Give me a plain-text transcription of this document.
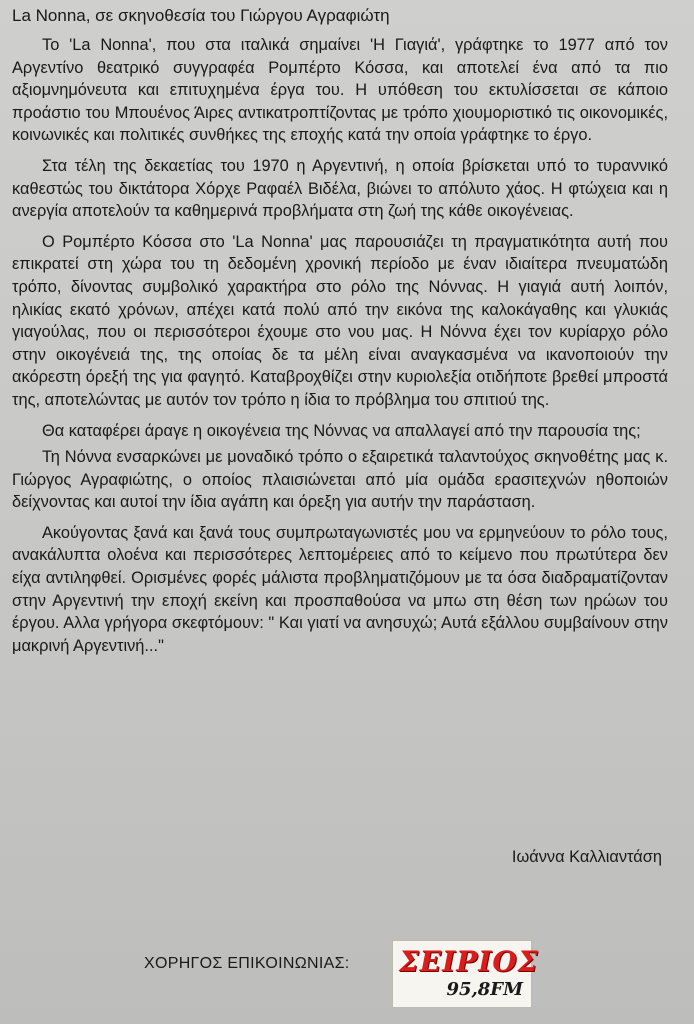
La Nonna, σε σκηνοθεσία του Γιώργου Αγραφιώτη

Το 'La Nonna', που στα ιταλικά σημαίνει 'Η Γιαγιά', γράφτηκε το 1977 από τον Αργεντίνο θεατρικό συγγραφέα Ρομπέρτο Κόσσα, και αποτελεί ένα από τα πιο αξιομνημόνευτα και επιτυχημένα έργα του. Η υπόθεση του εκτυλίσσεται σε κάποιο προάστιο του Μπουένος Άιρες αντικατροπτίζοντας με τρόπο χιουμοριστικό τις οικονομικές, κοινωνικές και πολιτικές συνθήκες της εποχής κατά την οποία γράφτηκε το έργο.

Στα τέλη της δεκαετίας του 1970 η Αργεντινή, η οποία βρίσκεται υπό το τυραννικό καθεστώς του δικτάτορα Χόρχε Ραφαέλ Βιδέλα, βιώνει το απόλυτο χάος. Η φτώχεια και η ανεργία αποτελούν τα καθημερινά προβλήματα στη ζωή της κάθε οικογένειας.

Ο Ρομπέρτο Κόσσα στο 'La Nonna' μας παρουσιάζει τη πραγματικότητα αυτή που επικρατεί στη χώρα του τη δεδομένη χρονική περίοδο με έναν ιδιαίτερα πνευματώδη τρόπο, δίνοντας συμβολικό χαρακτήρα στο ρόλο της Νόννας. Η γιαγιά αυτή λοιπόν, ηλικίας εκατό χρόνων, απέχει κατά πολύ από την εικόνα της καλοκάγαθης και γλυκιάς γιαγούλας, που οι περισσότεροι έχουμε στο νου μας. Η Νόννα έχει τον κυρίαρχο ρόλο στην οικογένειά της, της οποίας δε τα μέλη είναι αναγκασμένα να ικανοποιούν την ακόρεστη όρεξή της για φαγητό. Καταβροχθίζει στην κυριολεξία οτιδήποτε βρεθεί μπροστά της, αποτελώντας με αυτόν τον τρόπο η ίδια το πρόβλημα του σπιτιού της.

Θα καταφέρει άραγε η οικογένεια της Νόννας να απαλλαγεί από την παρουσία της;

Τη Νόννα ενσαρκώνει με μοναδικό τρόπο ο εξαιρετικά ταλαντούχος σκηνοθέτης μας κ. Γιώργος Αγραφιώτης, ο οποίος πλαισιώνεται από μία ομάδα ερασιτεχνών ηθοποιών δείχνοντας και αυτοί την ίδια αγάπη και όρεξη για αυτήν την παράσταση.

Ακούγοντας ξανά και ξανά τους συμπρωταγωνιστές μου να ερμηνεύουν το ρόλο τους, ανακάλυπτα ολοένα και περισσότερες λεπτομέρειες από το κείμενο που πρωτύτερα δεν είχα αντιληφθεί. Ορισμένες φορές μάλιστα προβληματιζόμουν με τα όσα διαδραματίζονταν στην Αργεντινή την εποχή εκείνη και προσπαθούσα να μπω στη θέση των ηρώων του έργου. Αλλα γρήγορα σκεφτόμουν: " Και γιατί να ανησυχώ; Αυτά εξάλλου συμβαίνουν στην μακρινή Αργεντινή..."

Ιωάννα Καλλιαντάση
ΧΟΡΗΓΟΣ ΕΠΙΚΟΙΝΩΝΙΑΣ: ΣΕΙΡΙΟΣ
95,8FM
